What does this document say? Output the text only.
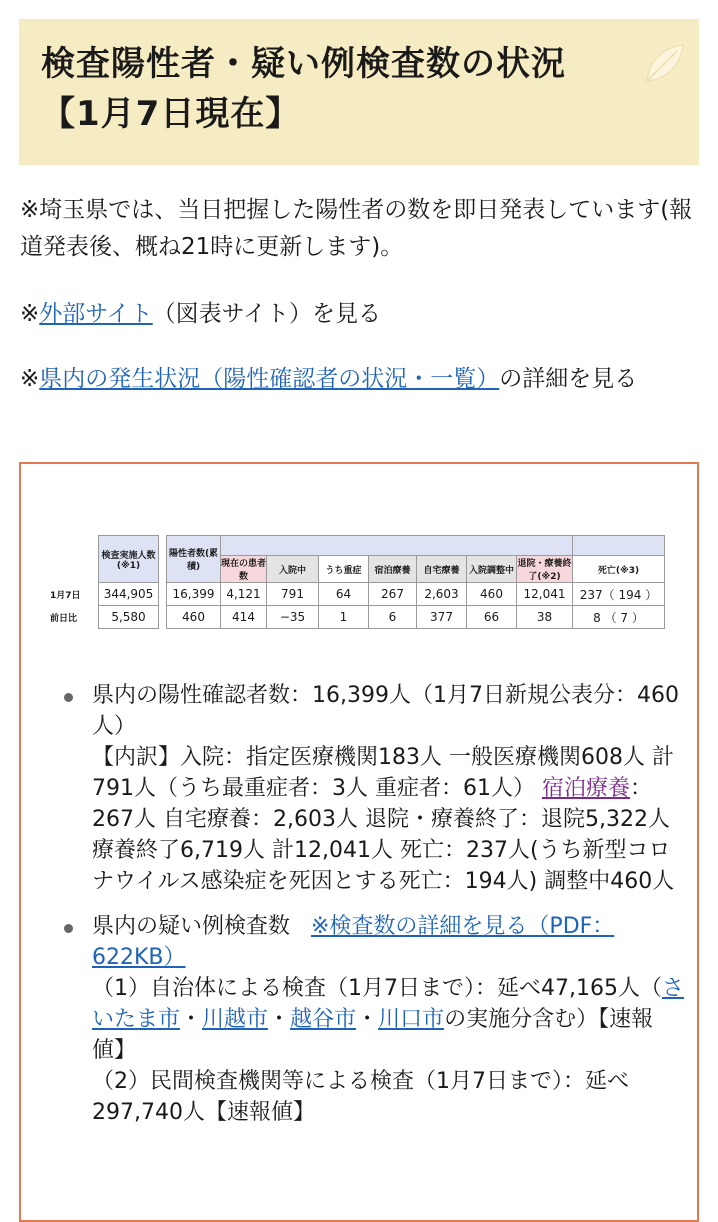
検査陽性者・疑い例検査数の状況
【1月7日現在】

※埼玉県では、当日把握した陽性者の数を即日発表しています(報道発表後、概ね21時に更新します)。

※外部サイト（図表サイト）を見る
※県内の発生状況（陽性確認者の状況・一覧）の詳細を見る
	検査実施人数(※1)		陽性者数(累積)								
				現在の患者数	入院中	うち重症	宿泊療養	自宅療養	入院調整中	退院・療養終了(※2)	死亡(※3)
1月7日	344,905		16,399	4,121	791	64	267	2,603	460	12,041	237（ 194 ）
前日比	5,580		460	414	−35	1	6	377	66	38	8 （ 7 ）
県内の陽性確認者数：16,399人（1月7日新規公表分：460人）
【内訳】入院：指定医療機関183人 一般医療機関608人 計791人（うち最重症者：3人 重症者：61人） 宿泊療養：267人 自宅療養：2,603人 退院・療養終了：退院5,322人 療養終了6,719人 計12,041人 死亡：237人(うち新型コロナウイルス感染症を死因とする死亡：194人) 調整中460人
県内の疑い例検査数 ※検査数の詳細を見る（PDF：622KB）
（1）自治体による検査（1月7日まで）：延べ47,165人（さいたま市・川越市・越谷市・川口市の実施分含む）【速報値】
（2）民間検査機関等による検査（1月7日まで）：延べ297,740人【速報値】
